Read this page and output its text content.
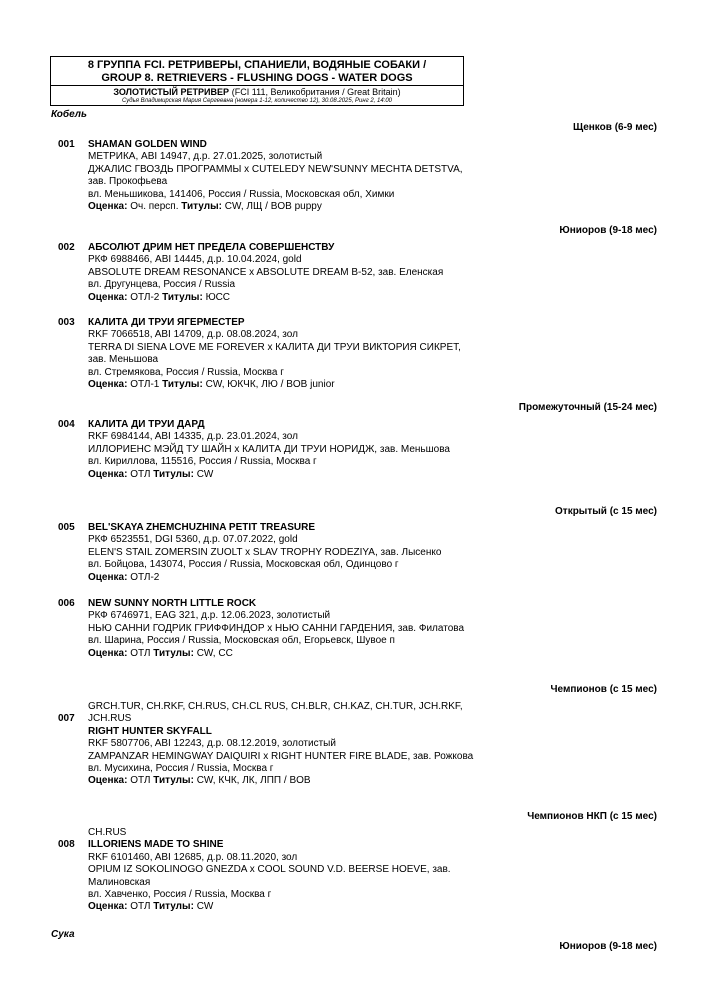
8 ГРУППА FCI. РЕТРИВЕРЫ, СПАНИЕЛИ, ВОДЯНЫЕ СОБАКИ /
GROUP 8. RETRIEVERS - FLUSHING DOGS - WATER DOGS
ЗОЛОТИСТЫЙ РЕТРИВЕР (FCI 111, Великобритания / Great Britain)
Судья Владимирская Мария Сергеевна (номера 1-12, количество 12), 30.08.2025, Ринг 2, 14:00
Кобель
Щенков (6-9 мес)
001	SHAMAN GOLDEN WIND
МЕТРИКА, ABI 14947, д.р. 27.01.2025, золотистый
ДЖАЛИС ГВОЗДЬ ПРОГРАММЫ x CUTELEDY NEW'SUNNY MECHTA DETSTVA, зав. Прокофьева
вл. Меньшикова, 141406, Россия / Russia, Московская обл, Химки
Оценка: Оч. персп. Титулы: CW, ЛЩ / BOB puppy
Юниоров (9-18 мес)
002	АБСОЛЮТ ДРИМ НЕТ ПРЕДЕЛА СОВЕРШЕНСТВУ
РКФ 6988466, ABI 14445, д.р. 10.04.2024, gold
ABSOLUTE DREAM RESONANCE x ABSOLUTE DREAM B-52, зав. Еленская
вл. Другунцева, Россия / Russia
Оценка: ОТЛ-2 Титулы: ЮСС
003	КАЛИТА ДИ ТРУИ ЯГЕРМЕСТЕР
RKF 7066518, ABI 14709, д.р. 08.08.2024, зол
TERRA DI SIENA LOVE ME FOREVER x КАЛИТА ДИ ТРУИ ВИКТОРИЯ СИКРЕТ, зав. Меньшова
вл. Стремякова, Россия / Russia, Москва г
Оценка: ОТЛ-1 Титулы: CW, ЮКЧК, ЛЮ / BOB junior
Промежуточный (15-24 мес)
004	КАЛИТА ДИ ТРУИ ДАРД
RKF 6984144, ABI 14335, д.р. 23.01.2024, зол
ИЛЛОРИЕНС МЭЙД ТУ ШАЙН x КАЛИТА ДИ ТРУИ НОРИДЖ, зав. Меньшова
вл. Кириллова, 115516, Россия / Russia, Москва г
Оценка: ОТЛ Титулы: CW
Открытый (с 15 мес)
005	BEL'SKAYA ZHEMCHUZHINA PETIT TREASURE
РКФ 6523551, DGI 5360, д.р. 07.07.2022, gold
ELEN'S STAIL ZOMERSIN ZUOLT x SLAV TROPHY RODEZIYA, зав. Лысенко
вл. Бойцова, 143074, Россия / Russia, Московская обл, Одинцово г
Оценка: ОТЛ-2
006	NEW SUNNY NORTH LITTLE ROCK
РКФ 6746971, EAG 321, д.р. 12.06.2023, золотистый
НЬЮ САННИ ГОДРИК ГРИФФИНДОР x НЬЮ САННИ ГАРДЕНИЯ, зав. Филатова
вл. Шарина, Россия / Russia, Московская обл, Егорьевск, Шувое п
Оценка: ОТЛ Титулы: CW, CC
Чемпионов (с 15 мес)
007
GRCH.TUR, CH.RKF, CH.RUS, CH.CL RUS, CH.BLR, CH.KAZ, CH.TUR, JCH.RKF, JCH.RUS
RIGHT HUNTER SKYFALL
RKF 5807706, ABI 12243, д.р. 08.12.2019, золотистый
ZAMPANZAR HEMINGWAY DAIQUIRI x RIGHT HUNTER FIRE BLADE, зав. Рожкова
вл. Мусихина, Россия / Russia, Москва г
Оценка: ОТЛ Титулы: CW, КЧК, ЛК, ЛПП / BOB
Чемпионов НКП (с 15 мес)
008
CH.RUS
ILLORIENS MADE TO SHINE
RKF 6101460, ABI 12685, д.р. 08.11.2020, зол
OPIUM IZ SOKOLINOGO GNEZDA x COOL SOUND V.D. BEERSE HOEVE, зав. Малиновская
вл. Хавченко, Россия / Russia, Москва г
Оценка: ОТЛ Титулы: CW
Сука
Юниоров (9-18 мес)
